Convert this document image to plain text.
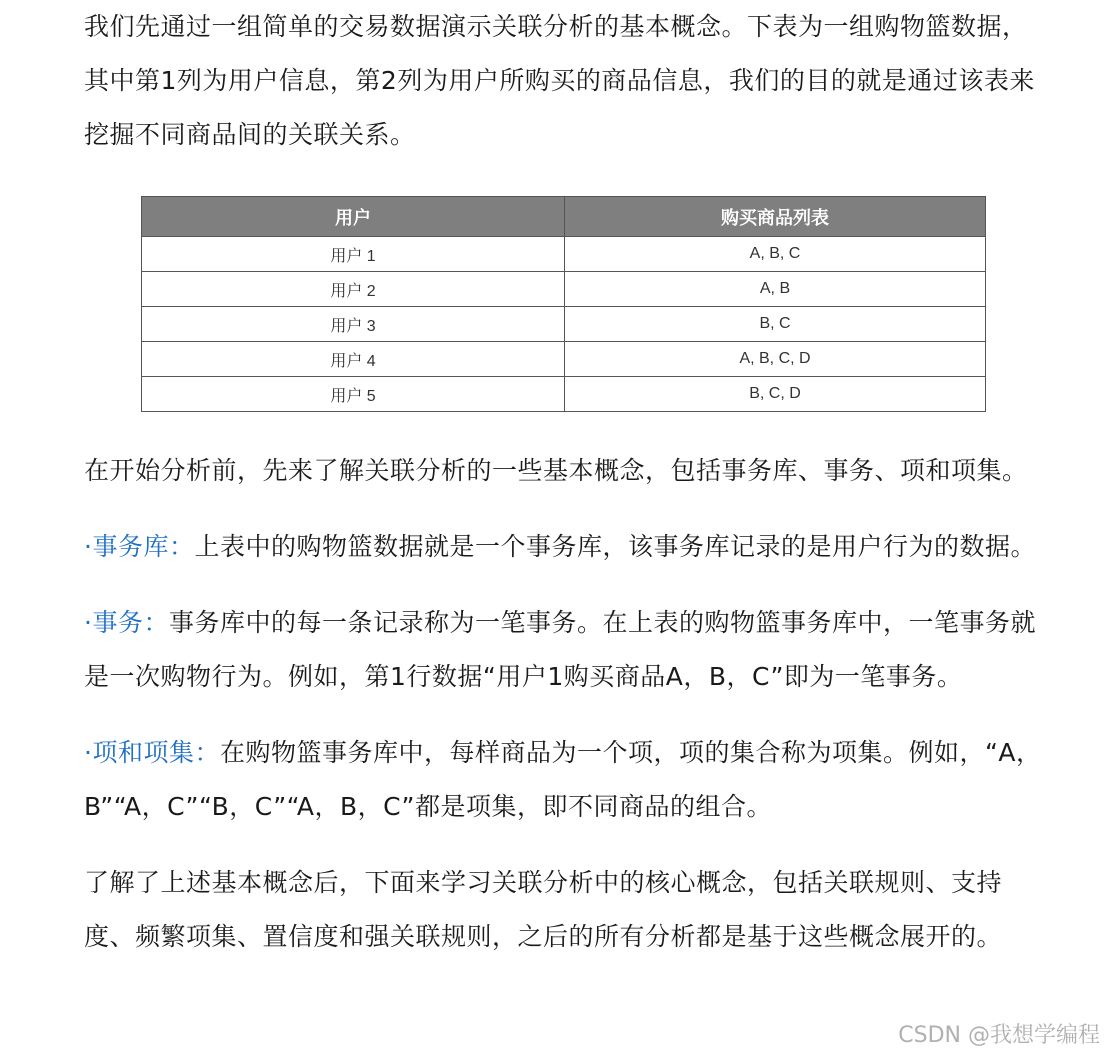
我们先通过一组简单的交易数据演示关联分析的基本概念。下表为一组购物篮数据，其中第1列为用户信息，第2列为用户所购买的商品信息，我们的目的就是通过该表来挖掘不同商品间的关联关系。

用户	购买商品列表
用户 1	A, B, C
用户 2	A, B
用户 3	B, C
用户 4	A, B, C, D
用户 5	B, C, D

在开始分析前，先来了解关联分析的一些基本概念，包括事务库、事务、项和项集。

·事务库：上表中的购物篮数据就是一个事务库，该事务库记录的是用户行为的数据。

·事务：事务库中的每一条记录称为一笔事务。在上表的购物篮事务库中，一笔事务就是一次购物行为。例如，第1行数据“用户1购买商品A，B，C”即为一笔事务。

·项和项集：在购物篮事务库中，每样商品为一个项，项的集合称为项集。例如，“A，B”“A，C”“B，C”“A，B，C”都是项集，即不同商品的组合。

了解了上述基本概念后，下面来学习关联分析中的核心概念，包括关联规则、支持度、频繁项集、置信度和强关联规则，之后的所有分析都是基于这些概念展开的。

CSDN @我想学编程
